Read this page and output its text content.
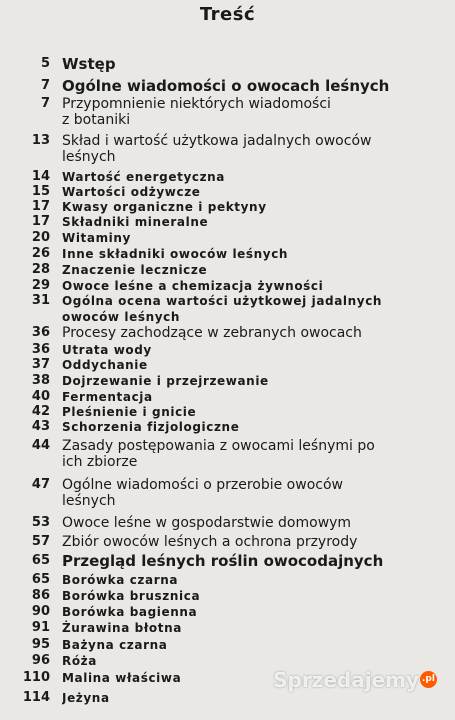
Treść
5 Wstęp
7 Ogólne wiadomości o owocach leśnych
7 Przypomnienie niektórych wiadomości
z botaniki
13 Skład i wartość użytkowa jadalnych owoców
leśnych
14 Wartość energetyczna
15 Wartości odżywcze
17 Kwasy organiczne i pektyny
17 Składniki mineralne
20 Witaminy
26 Inne składniki owoców leśnych
28 Znaczenie lecznicze
29 Owoce leśne a chemizacja żywności
31 Ogólna ocena wartości użytkowej jadalnych
owoców leśnych
36 Procesy zachodzące w zebranych owocach
36 Utrata wody
37 Oddychanie
38 Dojrzewanie i przejrzewanie
40 Fermentacja
42 Pleśnienie i gnicie
43 Schorzenia fizjologiczne
44 Zasady postępowania z owocami leśnymi po
ich zbiorze
47 Ogólne wiadomości o przerobie owoców
leśnych
53 Owoce leśne w gospodarstwie domowym
57 Zbiór owoców leśnych a ochrona przyrody
65 Przegląd leśnych roślin owocodajnych
65 Borówka czarna
86 Borówka brusznica
90 Borówka bagienna
91 Żurawina błotna
95 Bażyna czarna
96 Róża
110 Malina właściwa
114 Jeżyna
Sprzedajemy .pl
